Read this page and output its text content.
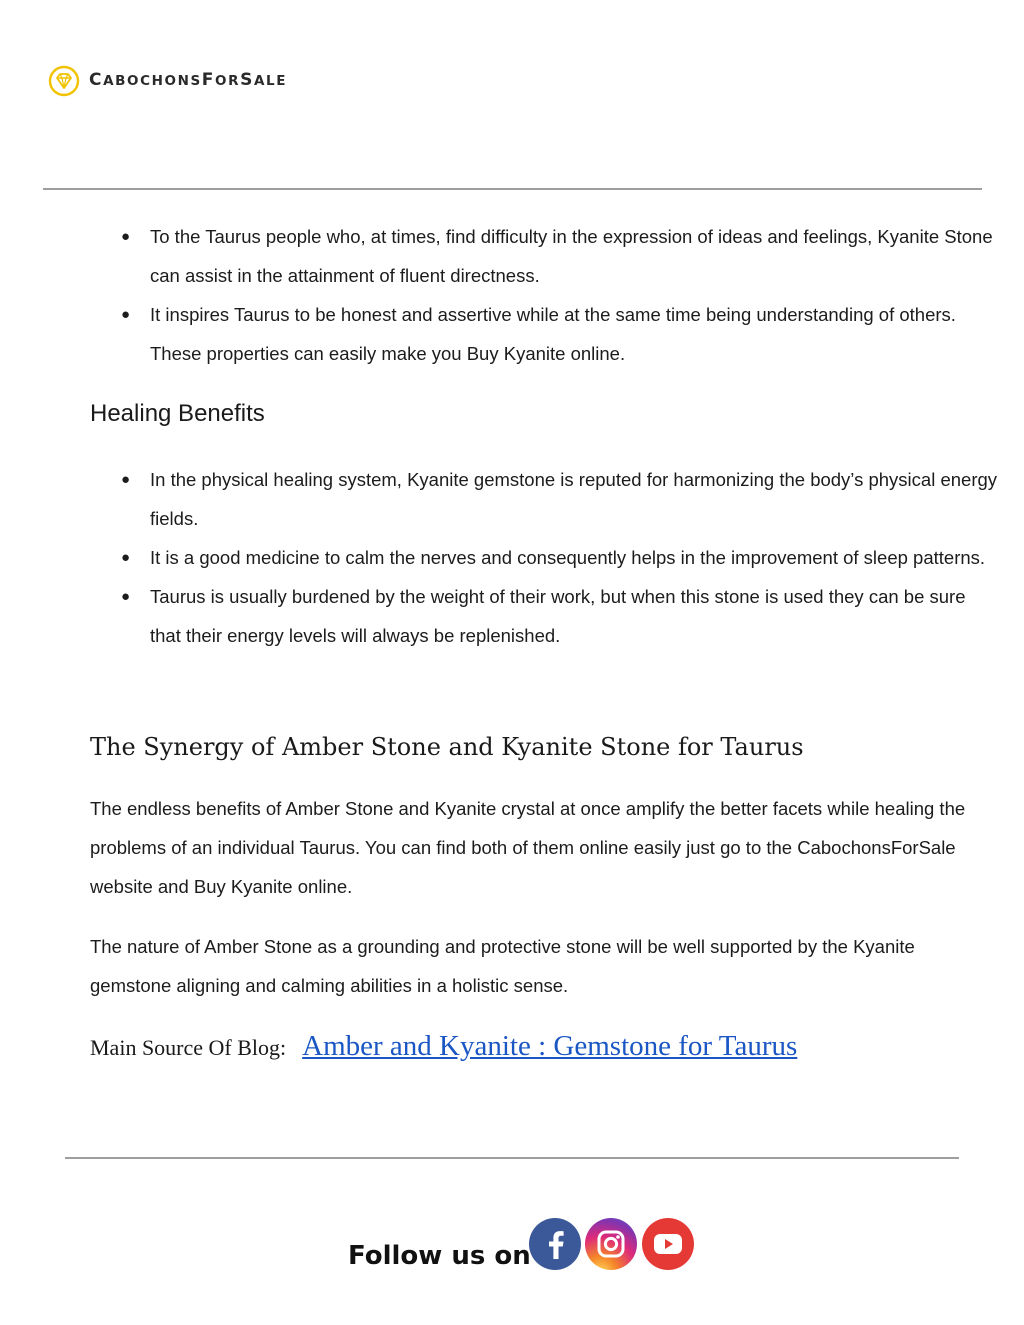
CABOCHONSFORSALE
● To the Taurus people who, at times, find difficulty in the expression of ideas and feelings, Kyanite Stone can assist in the attainment of fluent directness.
● It inspires Taurus to be honest and assertive while at the same time being understanding of others. These properties can easily make you Buy Kyanite online.
Healing Benefits
● In the physical healing system, Kyanite gemstone is reputed for harmonizing the body’s physical energy fields.
● It is a good medicine to calm the nerves and consequently helps in the improvement of sleep patterns.
● Taurus is usually burdened by the weight of their work, but when this stone is used they can be sure that their energy levels will always be replenished.
The Synergy of Amber Stone and Kyanite Stone for Taurus

The endless benefits of Amber Stone and Kyanite crystal at once amplify the better facets while healing the problems of an individual Taurus. You can find both of them online easily just go to the CabochonsForSale website and Buy Kyanite online.

The nature of Amber Stone as a grounding and protective stone will be well supported by the Kyanite gemstone aligning and calming abilities in a holistic sense.

Main Source Of Blog: Amber and Kyanite : Gemstone for Taurus
Follow us on
